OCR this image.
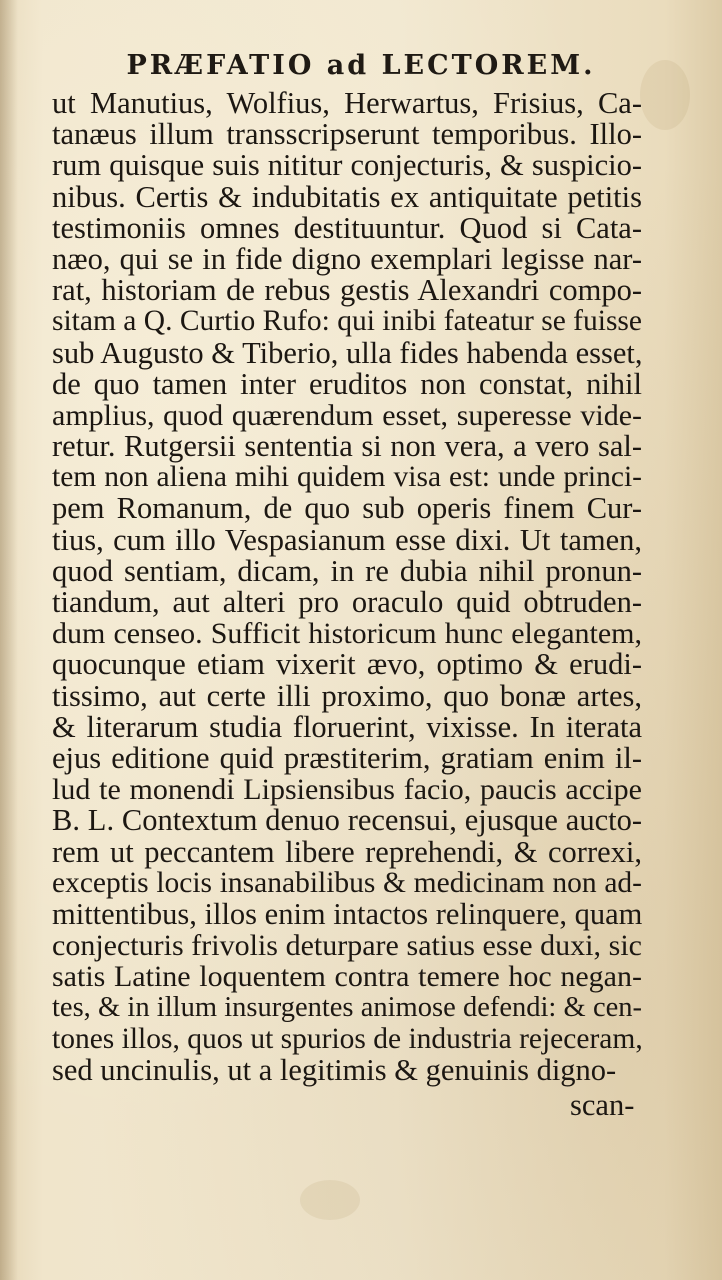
PRÆFATIO ad LECTOREM.
ut Manutius, Wolfius, Herwartus, Frisius, Ca-
tanæus illum transscripserunt temporibus. Illo-
rum quisque suis nititur conjecturis, & suspicio-
nibus. Certis & indubitatis ex antiquitate petitis
testimoniis omnes destituuntur. Quod si Cata-
næo, qui se in fide digno exemplari legisse nar-
rat, historiam de rebus gestis Alexandri compo-
sitam a Q. Curtio Rufo: qui inibi fateatur se fuisse
sub Augusto & Tiberio, ulla fides habenda esset,
de quo tamen inter eruditos non constat, nihil
amplius, quod quærendum esset, superesse vide-
retur. Rutgersii sententia si non vera, a vero sal-
tem non aliena mihi quidem visa est: unde princi-
pem Romanum, de quo sub operis finem Cur-
tius, cum illo Vespasianum esse dixi. Ut tamen,
quod sentiam, dicam, in re dubia nihil pronun-
tiandum, aut alteri pro oraculo quid obtruden-
dum censeo. Sufficit historicum hunc elegantem,
quocunque etiam vixerit ævo, optimo & erudi-
tissimo, aut certe illi proximo, quo bonæ artes,
& literarum studia floruerint, vixisse. In iterata
ejus editione quid præstiterim, gratiam enim il-
lud te monendi Lipsiensibus facio, paucis accipe
B. L. Contextum denuo recensui, ejusque aucto-
rem ut peccantem libere reprehendi, & correxi,
exceptis locis insanabilibus & medicinam non ad-
mittentibus, illos enim intactos relinquere, quam
conjecturis frivolis deturpare satius esse duxi, sic
satis Latine loquentem contra temere hoc negan-
tes, & in illum insurgentes animose defendi: & cen-
tones illos, quos ut spurios de industria rejeceram,
sed uncinulis, ut a legitimis & genuinis digno-
scan-
